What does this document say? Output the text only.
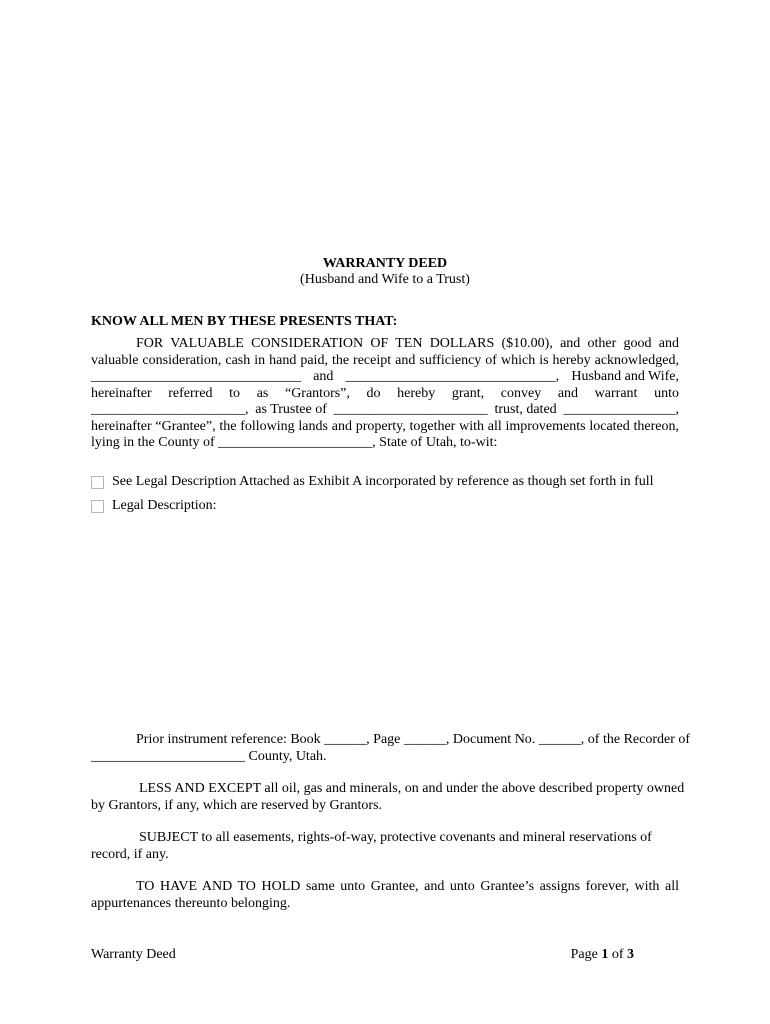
WARRANTY DEED
(Husband and Wife to a Trust)
KNOW ALL MEN BY THESE PRESENTS THAT:
FOR VALUABLE CONSIDERATION OF TEN DOLLARS ($10.00), and other good and
valuable consideration, cash in hand paid, the receipt and sufficiency of which is hereby acknowledged,
______________________________ and ______________________________, Husband and Wife,
hereinafter referred to as “Grantors”, do hereby grant, convey and warrant unto
______________________, as Trustee of ______________________ trust, dated ________________,
hereinafter “Grantee”, the following lands and property, together with all improvements located thereon,
lying in the County of ______________________, State of Utah, to-wit:
See Legal Description Attached as Exhibit A incorporated by reference as though set forth in full
Legal Description:
Prior instrument reference: Book ______, Page ______, Document No. ______, of the Recorder of
______________________ County, Utah.
LESS AND EXCEPT all oil, gas and minerals, on and under the above described property owned
by Grantors, if any, which are reserved by Grantors.
SUBJECT to all easements, rights-of-way, protective covenants and mineral reservations of
record, if any.
TO HAVE AND TO HOLD same unto Grantee, and unto Grantee’s assigns forever, with all
appurtenances thereunto belonging.
Warranty Deed	Page 1 of 3
